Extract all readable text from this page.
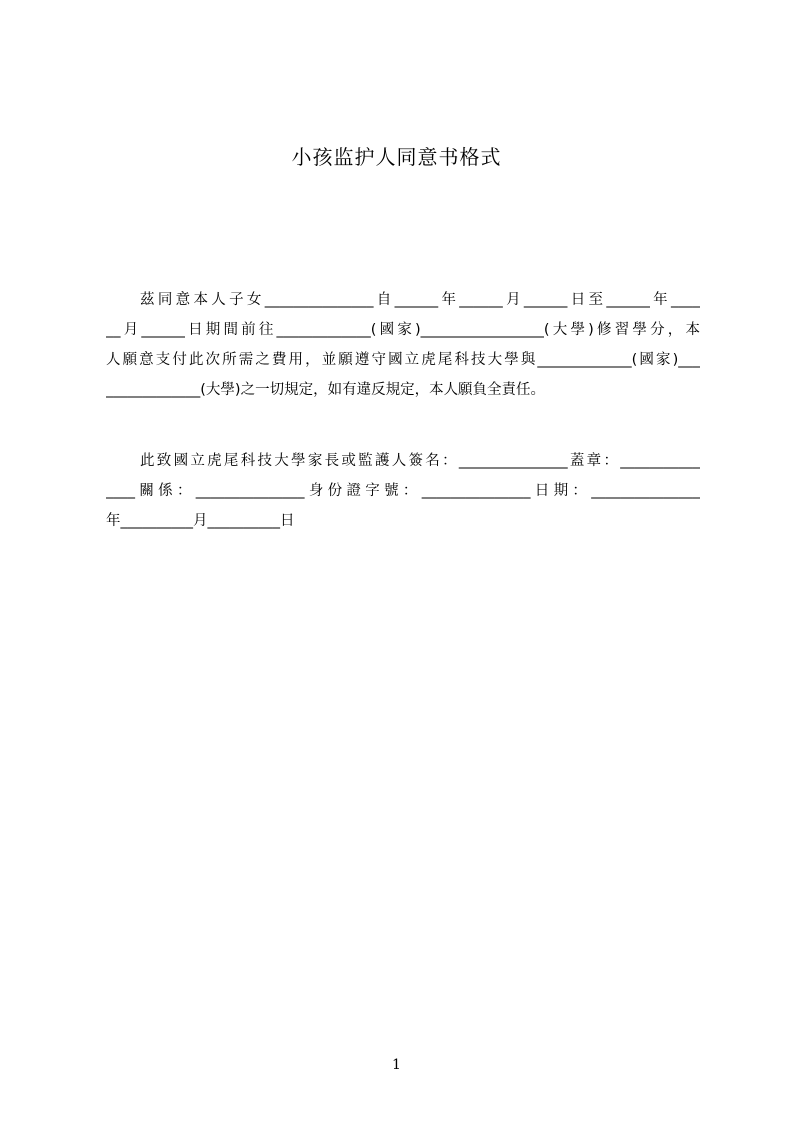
小孩监护人同意书格式
茲同意本人子女_______________自______年______月______日至______年____
__月______日期間前往_____________(國家)_________________(大學)修習學分，本
人願意支付此次所需之費用，並願遵守國立虎尾科技大學與_____________(國家)___
_____________(大學)之一切規定，如有違反規定，本人願負全責任。
此致國立虎尾科技大學家長或監護人簽名：_______________蓋章：___________
____關係：_______________身份證字號：_______________日期：_______________
年__________月__________日
1
